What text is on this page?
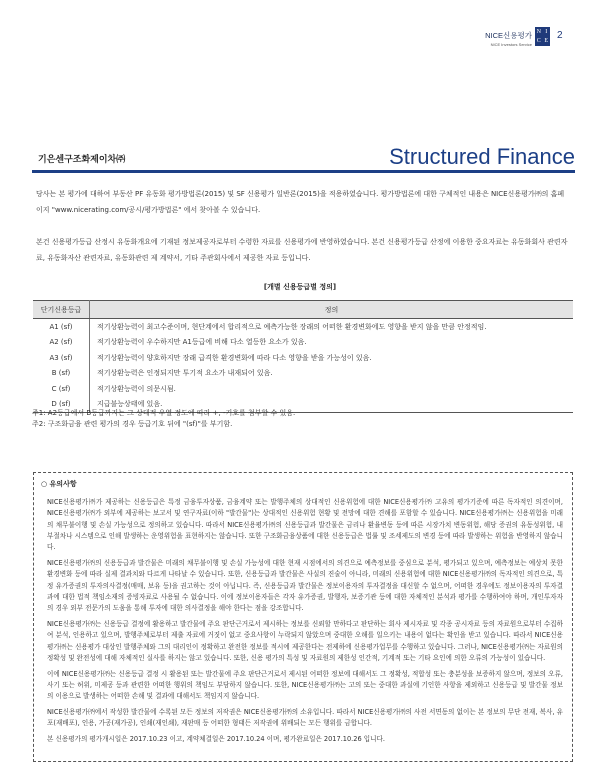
NICE신용평가
NICE Investors Service
N I
C E
2
기은센구조화제이차㈜	Structured Finance
당사는 본 평가에 대하여 부동산 PF 유동화 평가방법론(2015) 및 SF 신용평가 일반론(2015)을 적용하였습니다. 평가방법론에 대한 구체적인 내용은 NICE신용평가㈜의 홈페이지 "www.nicerating.com/공시/평가방법론" 에서 찾아볼 수 있습니다.
본건 신용평가등급 산정시 유동화개요에 기재된 정보제공자로부터 수령한 자료를 신용평가에 반영하였습니다. 본건 신용평가등급 산정에 이용한 중요자료는 유동화회사 관련자료, 유동화자산 관련자료, 유동화관련 제 계약서, 기타 주관회사에서 제공한 자료 등입니다.
[개별 신용등급별 정의]
단기신용등급	정의
A1 (sf)	적기상환능력이 최고수준이며, 현단계에서 합리적으로 예측가능한 장래의 어떠한 환경변화에도 영향을 받지 않을 만큼 안정적임.
A2 (sf)	적기상환능력이 우수하지만 A1등급에 비해 다소 열등한 요소가 있음.
A3 (sf)	적기상환능력이 양호하지만 장래 급격한 환경변화에 따라 다소 영향을 받을 가능성이 있음.
B (sf)	적기상환능력은 인정되지만 투기적 요소가 내재되어 있음.
C (sf)	적기상환능력이 의문시됨.
D (sf)	지급불능상태에 있음.
주1: A2등급에서 B등급까지는 그 상대적 우열 정도에 따라 +, -기호를 첨부할 수 있음.
주2: 구조화금융 관련 평가의 경우 등급기호 뒤에 "(sf)"를 부기함.
○ 유의사항

NICE신용평가㈜가 제공하는 신용등급은 특정 금융투자상품, 금융계약 또는 발행주체의 상대적인 신용위험에 대한 NICE신용평가㈜ 고유의 평가기준에 따른 독자적인 의견이며, NICE신용평가㈜가 외부에 제공하는 보고서 및 연구자료(이하 "발간물")는 상대적인 신용위험 현황 및 전망에 대한 견해를 포함할 수 있습니다. NICE신용평가㈜는 신용위험을 미래의 채무불이행 및 손실 가능성으로 정의하고 있습니다. 따라서 NICE신용평가㈜의 신용등급과 발간물은 금리나 환율변동 등에 따른 시장가치 변동위험, 해당 증권의 유동성위험, 내부절차나 시스템으로 인해 발생하는 운영위험을 표현하지는 않습니다. 또한 구조화금융상품에 대한 신용등급은 법률 및 조세제도의 변경 등에 따라 발생하는 위험을 반영하지 않습니다.

NICE신용평가㈜의 신용등급과 발간물은 미래의 채무불이행 및 손실 가능성에 대한 현재 시점에서의 의견으로 예측정보를 중심으로 분석, 평가되고 있으며, 예측정보는 예상치 못한 환경변화 등에 따라 실제 결과치와 다르게 나타날 수 있습니다. 또한, 신용등급과 발간물은 사실의 진술이 아니라, 미래의 신용위험에 대한 NICE신용평가㈜의 독자적인 의견으로, 특정 유가증권의 투자의사결정(매매, 보유 등)을 권고하는 것이 아닙니다. 즉, 신용등급과 발간물은 정보이용자의 투자결정을 대신할 수 없으며, 어떠한 경우에도 정보이용자의 투자결과에 대한 법적 책임소재의 증빙자료로 사용될 수 없습니다. 이에 정보이용자들은 각자 유가증권, 발행자, 보증기관 등에 대한 자체적인 분석과 평가를 수행하여야 하며, 개인투자자의 경우 외부 전문가의 도움을 통해 투자에 대한 의사결정을 해야 한다는 점을 강조합니다.

NICE신용평가㈜는 신용등급 결정에 활용하고 발간물에 주요 판단근거로서 제시하는 정보를 신뢰할 만하다고 판단하는 회사 제시자료 및 각종 공시자료 등의 자료원으로부터 수집하여 분석, 인용하고 있으며, 발행주체로부터 제출 자료에 거짓이 없고 중요사항이 누락되지 않았으며 중대한 오해를 일으키는 내용이 없다는 확인을 받고 있습니다. 따라서 NICE신용평가㈜는 신용평가 대상인 발행주체와 그의 대리인이 정확하고 완전한 정보를 적시에 제공한다는 전제하에 신용평가업무를 수행하고 있습니다. 그러나, NICE신용평가㈜는 자료원의 정확성 및 완전성에 대해 자체적인 실사를 하지는 않고 있습니다. 또한, 신용 평가의 특성 및 자료원의 제한성 인간적, 기계적 또는 기타 요인에 의한 오류의 가능성이 있습니다.

이에 NICE신용평가㈜는 신용등급 결정 시 활용된 또는 발간물에 주요 판단근거로서 제시된 어떠한 정보에 대해서도 그 정확성, 적합성 또는 충분성을 보증하지 않으며, 정보의 오류, 사기 또는 허위, 미제공 등과 관련한 어떠한 행위의 책임도 부담하지 않습니다. 또한, NICE신용평가㈜는 고의 또는 중대한 과실에 기인한 사항을 제외하고 신용등급 및 발간물 정보의 이용으로 발생하는 어떠한 손해 및 결과에 대해서도 책임지지 않습니다.

NICE신용평가㈜에서 작성한 발간물에 수록된 모든 정보의 저작권은 NICE신용평가㈜의 소유입니다. 따라서 NICE신용평가㈜의 사전 서면동의 없이는 본 정보의 무단 전재, 복사, 유포(재배포), 인용, 가공(재가공), 인쇄(재인쇄), 재판매 등 어떠한 형태든 저작권에 위배되는 모든 행위를 금합니다.

본 신용평가의 평가개시일은 2017.10.23 이고, 계약체결일은 2017.10.24 이며, 평가완료일은 2017.10.26 입니다.
